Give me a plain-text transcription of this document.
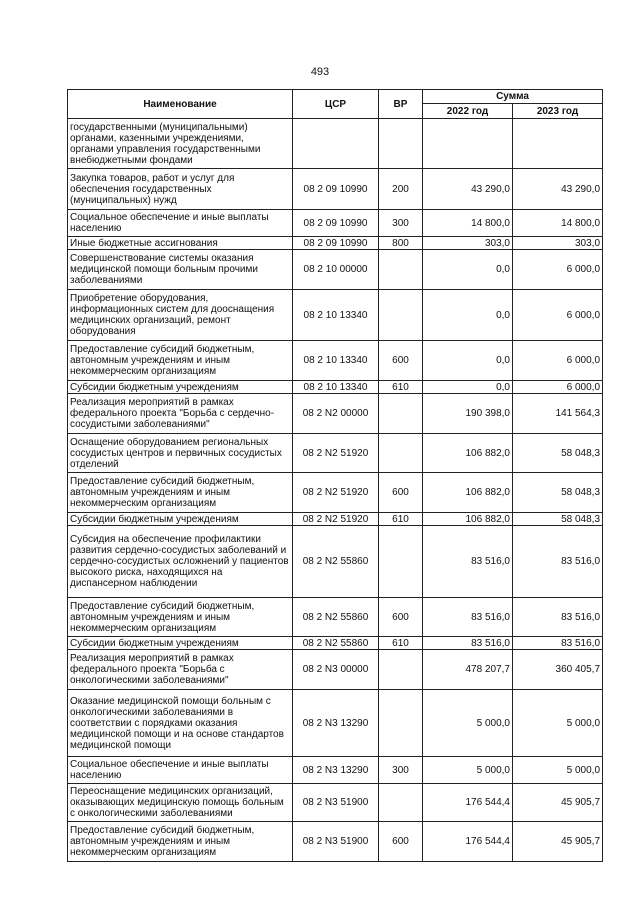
493
Наименование	ЦСР	ВР	Сумма	
			2022 год	2023 год
государственными (муниципальными) органами, казенными учреждениями, органами управления государственными внебюджетными фондами				
Закупка товаров, работ и услуг для обеспечения государственных (муниципальных) нужд	08 2 09 10990	200	43 290,0	43 290,0
Социальное обеспечение и иные выплаты населению	08 2 09 10990	300	14 800,0	14 800,0
Иные бюджетные ассигнования	08 2 09 10990	800	303,0	303,0
Совершенствование системы оказания медицинской помощи больным прочими заболеваниями	08 2 10 00000		0,0	6 000,0
Приобретение оборудования, информационных систем для дооснащения медицинских организаций, ремонт оборудования	08 2 10 13340		0,0	6 000,0
Предоставление субсидий бюджетным, автономным учреждениям и иным некоммерческим организациям	08 2 10 13340	600	0,0	6 000,0
Субсидии бюджетным учреждениям	08 2 10 13340	610	0,0	6 000,0
Реализация мероприятий в рамках федерального проекта "Борьба с сердечно-сосудистыми заболеваниями"	08 2 N2 00000		190 398,0	141 564,3
Оснащение оборудованием региональных сосудистых центров и первичных сосудистых отделений	08 2 N2 51920		106 882,0	58 048,3
Предоставление субсидий бюджетным, автономным учреждениям и иным некоммерческим организациям	08 2 N2 51920	600	106 882,0	58 048,3
Субсидии бюджетным учреждениям	08 2 N2 51920	610	106 882,0	58 048,3
Субсидия на обеспечение профилактики развития сердечно-сосудистых заболеваний и сердечно-сосудистых осложнений у пациентов высокого риска, находящихся на диспансерном наблюдении	08 2 N2 55860		83 516,0	83 516,0
Предоставление субсидий бюджетным, автономным учреждениям и иным некоммерческим организациям	08 2 N2 55860	600	83 516,0	83 516,0
Субсидии бюджетным учреждениям	08 2 N2 55860	610	83 516,0	83 516,0
Реализация мероприятий в рамках федерального проекта "Борьба с онкологическими заболеваниями"	08 2 N3 00000		478 207,7	360 405,7
Оказание медицинской помощи больным с онкологическими заболеваниями в соответствии с порядками оказания медицинской помощи и на основе стандартов медицинской помощи	08 2 N3 13290		5 000,0	5 000,0
Социальное обеспечение и иные выплаты населению	08 2 N3 13290	300	5 000,0	5 000,0
Переоснащение медицинских организаций, оказывающих медицинскую помощь больным с онкологическими заболеваниями	08 2 N3 51900		176 544,4	45 905,7
Предоставление субсидий бюджетным, автономным учреждениям и иным некоммерческим организациям	08 2 N3 51900	600	176 544,4	45 905,7
